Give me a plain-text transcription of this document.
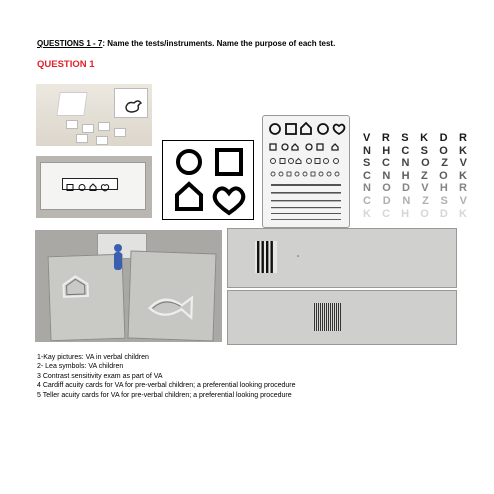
QUESTIONS 1 - 7: Name the tests/instruments. Name the purpose of each test.
QUESTION 1
V R S K D R
N H C S O K
S C N O Z V
C N H Z O K
N O D V H R
C D N Z S V
K C H O D K
1-Kay pictures: VA in verbal children
2- Lea symbols: VA children
3 Contrast sensitivity exam as part of VA
4 Cardiff acuity cards for VA for pre-verbal children; a preferential looking procedure
5 Teller acuity cards for VA for pre-verbal children; a preferential looking procedure
